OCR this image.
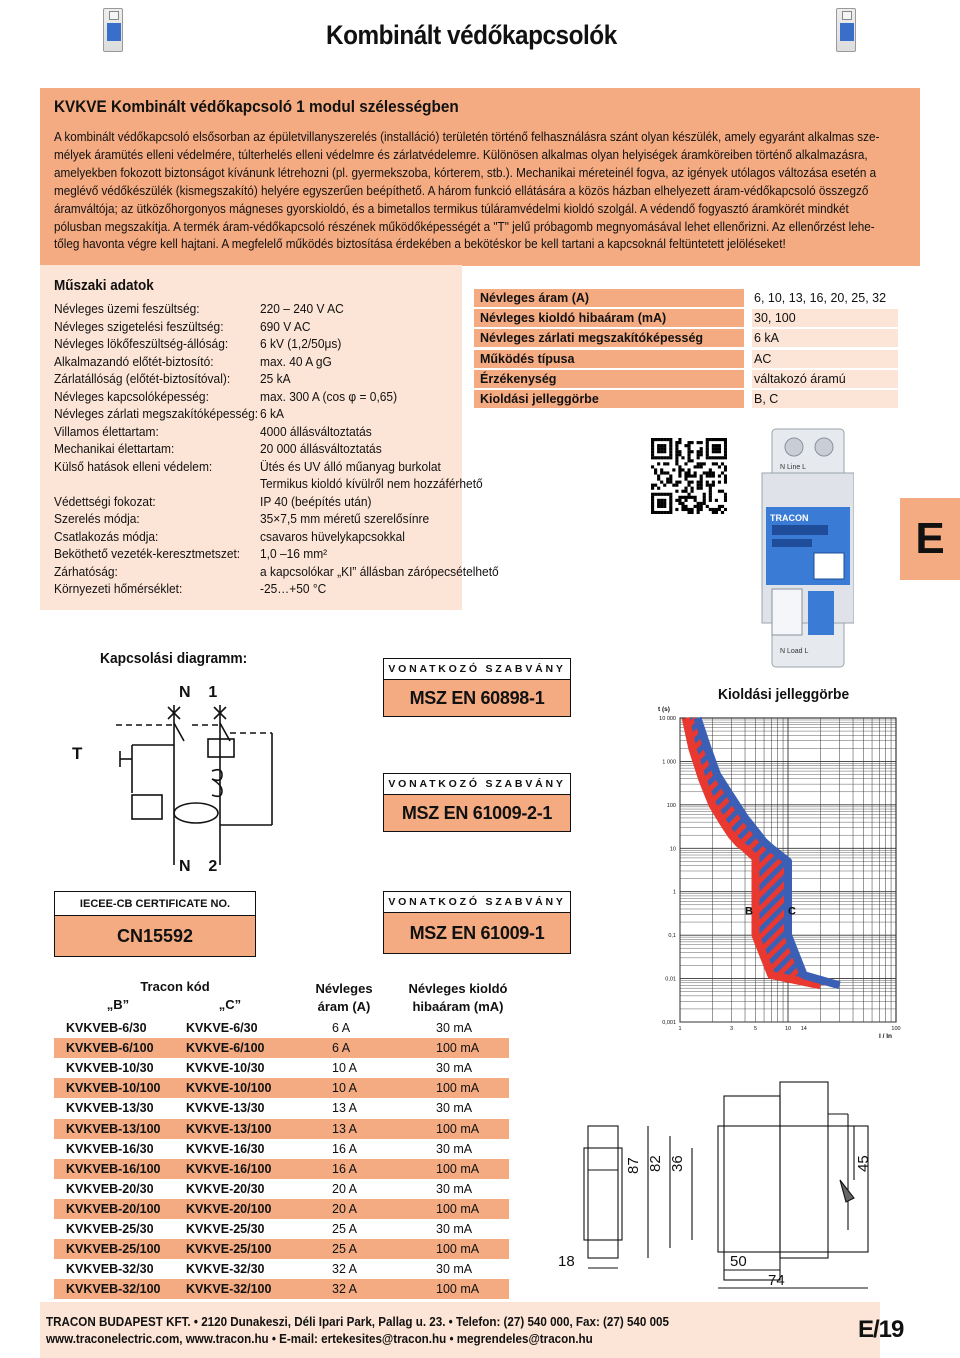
Kombinált védőkapcsolók
KVKVE Kombinált védőkapcsoló 1 modul szélességben
A kombinált védőkapcsoló elsősorban az épületvillanyszerelés (installáció) területén történő felhasználásra szánt olyan készülék, amely egyaránt alkalmas sze-
mélyek áramütés elleni védelmére, túlterhelés elleni védelmre és zárlatvédelemre. Különösen alkalmas olyan helyiségek áramköreiben történő alkalmazásra,
amelyekben fokozott biztonságot kívánunk létrehozni (pl. gyermekszoba, kórterem, stb.). Mechanikai méreteinél fogva, az igények utólagos változása esetén a
meglévő védőkészülék (kismegszakító) helyére egyszerűen beépíthető. A három funkció ellátására a közös házban elhelyezett áram-védőkapcsoló összegző
áramváltója; az ütközőhorgonyos mágneses gyorskioldó, és a bimetallos termikus túláramvédelmi kioldó szolgál. A védendő fogyasztó áramkörét mindkét
pólusban megszakítja. A termék áram-védőkapcsoló részének működőképességét a "T" jelű próbagomb megnyomásával lehet ellenőrizni. Az ellenőrzést lehe-
tőleg havonta végre kell hajtani. A megfelelő működés biztosítása érdekében a bekötéskor be kell tartani a kapcsoknál feltüntetett jelöléseket!
Műszaki adatok
Névleges üzemi feszültség:	220 – 240 V AC
Névleges szigetelési feszültség:	690 V AC
Névleges lökőfeszültség-állóság: 6 kV (1,2/50μs)
Alkalmazandó előtét-biztosító:	max. 40 A gG
Zárlatállóság (előtét-biztosítóval): 25 kA
Névleges kapcsolóképesség:	max. 300 A (cos φ = 0,65)
Névleges zárlati megszakítóképesség: 6 kA
Villamos élettartam:	4000 állásváltoztatás
Mechanikai élettartam:	20 000 állásváltoztatás
Külső hatások elleni védelem:	Ütés és UV álló műanyag burkolat
Termikus kioldó kívülről nem hozzáférhető
Védettségi fokozat:	IP 40 (beépítés után)
Szerelés módja:	35×7,5 mm méretű szerelősínre
Csatlakozás módja:	csavaros hüvelykapcsokkal
Beköthető vezeték-keresztmetszet: 1,0 –16 mm²
Zárhatóság:	a kapcsolókar „KI” állásban zárópecsételhető
Környezeti hőmérséklet:	-25…+50 °C
Névleges áram (A)	6, 10, 13, 16, 20, 25, 32
Névleges kioldó hibaáram (mA)	30, 100
Névleges zárlati megszakítóképesség	6 kA
Működés típusa	AC
Érzékenység	váltakozó áramú
Kioldási jelleggörbe	B, C
N Line L
TRACON
N Load L
E
Kapcsolási diagramm:
N    1
N    2
T
VONATKOZÓ SZABVÁNY
MSZ EN 60898-1
VONATKOZÓ SZABVÁNY
MSZ EN 61009-2-1
VONATKOZÓ SZABVÁNY
MSZ EN 61009-1
IECEE-CB CERTIFICATE NO.
CN15592
Kioldási jelleggörbe
B	C
10 000
1 000
100
10
1
0,1
0,01
0,001
1	3	5	10 14	100
t (s)
I / In
Tracon kód
„B”	„C”
Névleges
áram (A)
Névleges kioldó
hibaáram (mA)
KVKVEB-6/30	KVKVE-6/30	6 A	30 mA
KVKVEB-6/100	KVKVE-6/100	6 A	100 mA
KVKVEB-10/30	KVKVE-10/30	10 A	30 mA
KVKVEB-10/100 KVKVE-10/100	10 A	100 mA
KVKVEB-13/30	KVKVE-13/30	13 A	30 mA
KVKVEB-13/100 KVKVE-13/100	13 A	100 mA
KVKVEB-16/30	KVKVE-16/30	16 A	30 mA
KVKVEB-16/100 KVKVE-16/100	16 A	100 mA
KVKVEB-20/30	KVKVE-20/30	20 A	30 mA
KVKVEB-20/100 KVKVE-20/100	20 A	100 mA
KVKVEB-25/30	KVKVE-25/30	25 A	30 mA
KVKVEB-25/100 KVKVE-25/100	25 A	100 mA
KVKVEB-32/30	KVKVE-32/30	32 A	30 mA
KVKVEB-32/100 KVKVE-32/100	32 A	100 mA
87 82 36	45
18	50
74
TRACON BUDAPEST KFT. • 2120 Dunakeszi, Déli Ipari Park, Pallag u. 23. • Telefon: (27) 540 000, Fax: (27) 540 005
www.traconelectric.com, www.tracon.hu • E-mail: ertekesites@tracon.hu • megrendeles@tracon.hu	E/19
